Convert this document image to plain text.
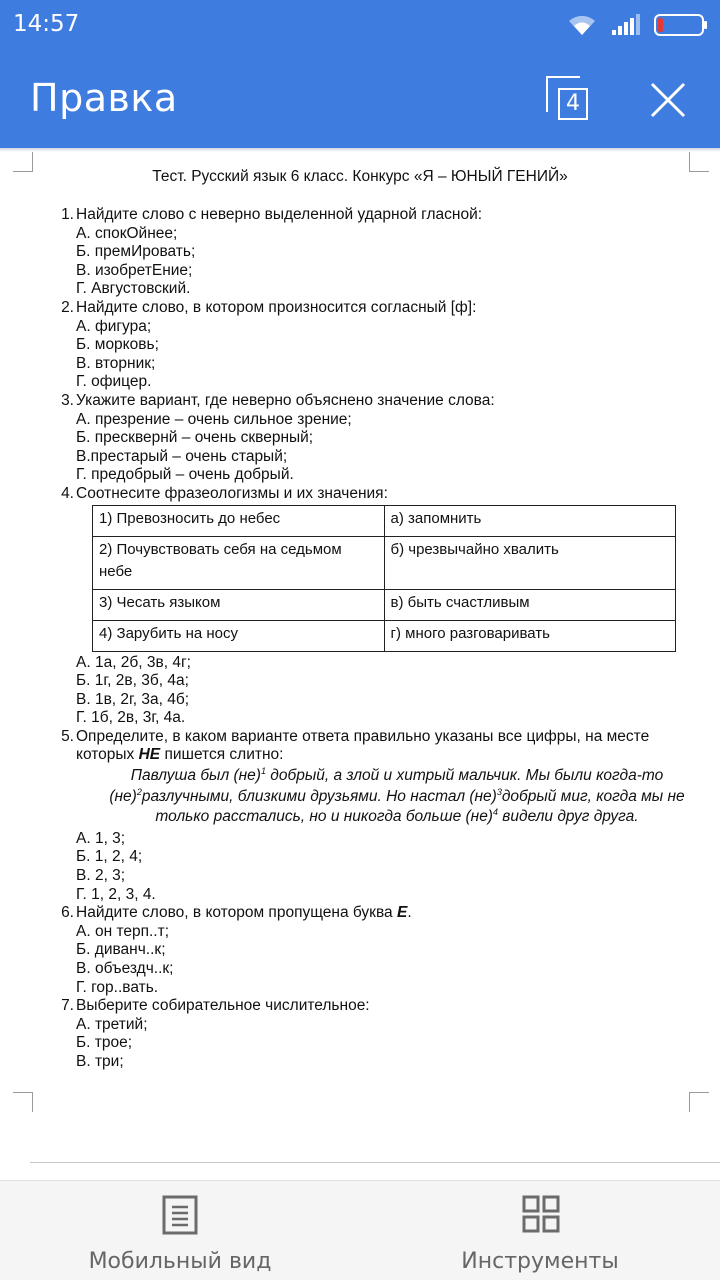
14:57
Правка	4
Тест. Русский язык 6 класс. Конкурс «Я – ЮНЫЙ ГЕНИЙ»
1. Найдите слово с неверно выделенной ударной гласной:
А. спокОйнее;
Б. премИровать;
В. изобретЕние;
Г. Августовский.
2. Найдите слово, в котором произносится согласный [ф]:
А. фигура;
Б. морковь;
В. вторник;
Г. офицер.
3. Укажите вариант, где неверно объяснено значение слова:
А. презрение – очень сильное зрение;
Б. пресквернй – очень скверный;
В.престарый – очень старый;
Г. предобрый – очень добрый.
4. Соотнесите фразеологизмы и их значения:
1) Превозносить до небес	а) запомнить
2) Почувствовать себя на седьмом небе	б) чрезвычайно хвалить
3) Чесать языком	в) быть счастливым
4) Зарубить на носу	г) много разговаривать
А. 1а, 2б, 3в, 4г;
Б. 1г, 2в, 3б, 4а;
В. 1в, 2г, 3а, 4б;
Г. 1б, 2в, 3г, 4а.
5. Определите, в каком варианте ответа правильно указаны все цифры, на месте которых НЕ пишется слитно:
Павлуша был (не)$^1$ добрый, а злой и хитрый мальчик. Мы были когда-то (не)$^2$разлучными, близкими друзьями. Но настал (не)$^3$добрый миг, когда мы не только расстались, но и никогда больше (не)$^4$ видели друг друга.
А. 1, 3;
Б. 1, 2, 4;
В. 2, 3;
Г. 1, 2, 3, 4.
6. Найдите слово, в котором пропущена буква Е.
А. он терп..т;
Б. диванч..к;
В. объездч..к;
Г. гор..вать.
7. Выберите собирательное числительное:
А. третий;
Б. трое;
В. три;
Мобильный вид	Инструменты
